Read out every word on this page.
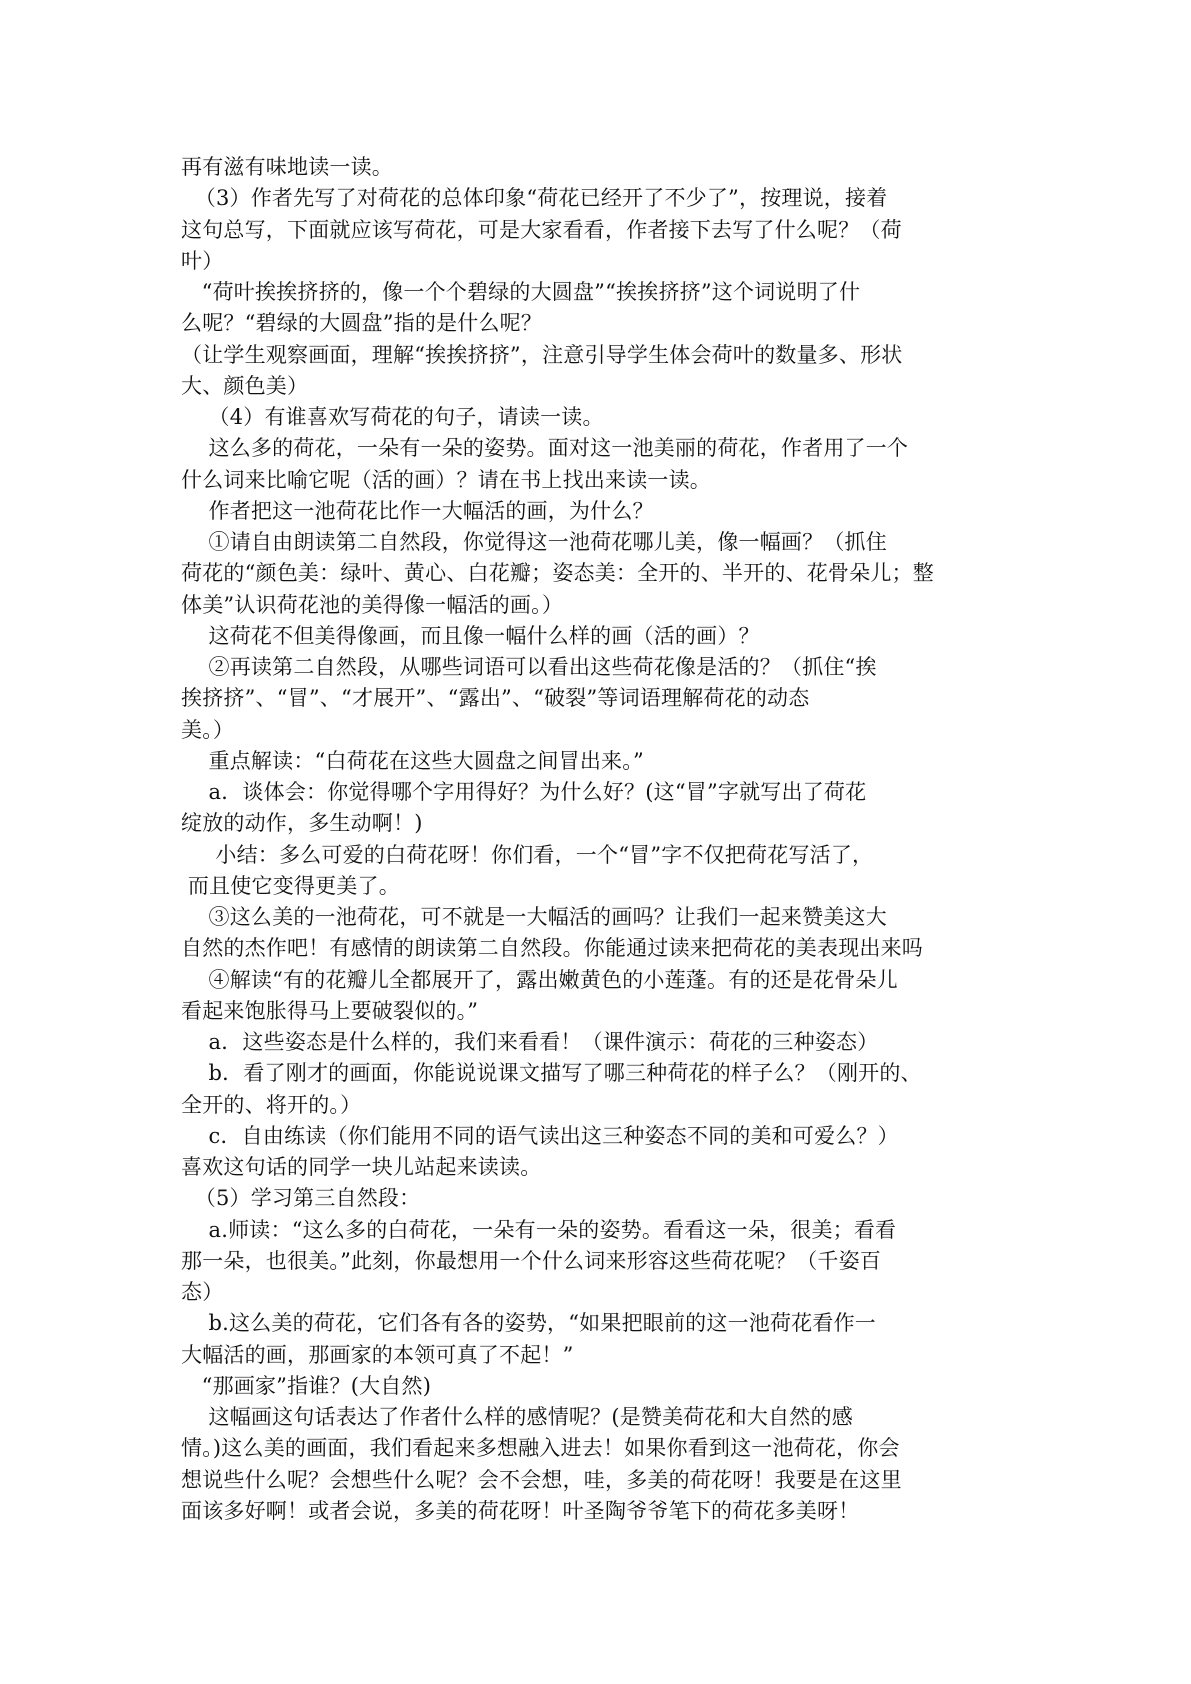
再有滋有味地读一读。

（3）作者先写了对荷花的总体印象“荷花已经开了不少了”，按理说，接着

这句总写，下面就应该写荷花，可是大家看看，作者接下去写了什么呢？（荷

叶）

“荷叶挨挨挤挤的，像一个个碧绿的大圆盘”“挨挨挤挤”这个词说明了什

么呢？“碧绿的大圆盘”指的是什么呢？

（让学生观察画面，理解“挨挨挤挤”，注意引导学生体会荷叶的数量多、形状

大、颜色美）

（4）有谁喜欢写荷花的句子，请读一读。

这么多的荷花，一朵有一朵的姿势。面对这一池美丽的荷花，作者用了一个

什么词来比喻它呢（活的画）？请在书上找出来读一读。

作者把这一池荷花比作一大幅活的画，为什么？

①请自由朗读第二自然段，你觉得这一池荷花哪儿美，像一幅画？（抓住

荷花的“颜色美：绿叶、黄心、白花瓣；姿态美：全开的、半开的、花骨朵儿；整

体美”认识荷花池的美得像一幅活的画。）

这荷花不但美得像画，而且像一幅什么样的画（活的画）？

②再读第二自然段，从哪些词语可以看出这些荷花像是活的？（抓住“挨

挨挤挤”、“冒”、“才展开”、“露出”、“破裂”等词语理解荷花的动态

美。）

重点解读：“白荷花在这些大圆盘之间冒出来。”

a．谈体会：你觉得哪个字用得好？为什么好？(这“冒”字就写出了荷花

绽放的动作，多生动啊！)

小结：多么可爱的白荷花呀！你们看，一个“冒”字不仅把荷花写活了，

而且使它变得更美了。

③这么美的一池荷花，可不就是一大幅活的画吗？让我们一起来赞美这大

自然的杰作吧！有感情的朗读第二自然段。你能通过读来把荷花的美表现出来吗

④解读“有的花瓣儿全都展开了，露出嫩黄色的小莲蓬。有的还是花骨朵儿

看起来饱胀得马上要破裂似的。”

a．这些姿态是什么样的，我们来看看！（课件演示：荷花的三种姿态）

b．看了刚才的画面，你能说说课文描写了哪三种荷花的样子么？（刚开的、

全开的、将开的。）

c．自由练读（你们能用不同的语气读出这三种姿态不同的美和可爱么？）

喜欢这句话的同学一块儿站起来读读。

（5）学习第三自然段：

a.师读：“这么多的白荷花，一朵有一朵的姿势。看看这一朵，很美；看看

那一朵，也很美。”此刻，你最想用一个什么词来形容这些荷花呢？（千姿百

态）

b.这么美的荷花，它们各有各的姿势，“如果把眼前的这一池荷花看作一

大幅活的画，那画家的本领可真了不起！”

“那画家”指谁？(大自然)

这幅画这句话表达了作者什么样的感情呢？(是赞美荷花和大自然的感

情。)这么美的画面，我们看起来多想融入进去！如果你看到这一池荷花，你会

想说些什么呢？会想些什么呢？会不会想，哇，多美的荷花呀！我要是在这里

面该多好啊！或者会说，多美的荷花呀！叶圣陶爷爷笔下的荷花多美呀！
